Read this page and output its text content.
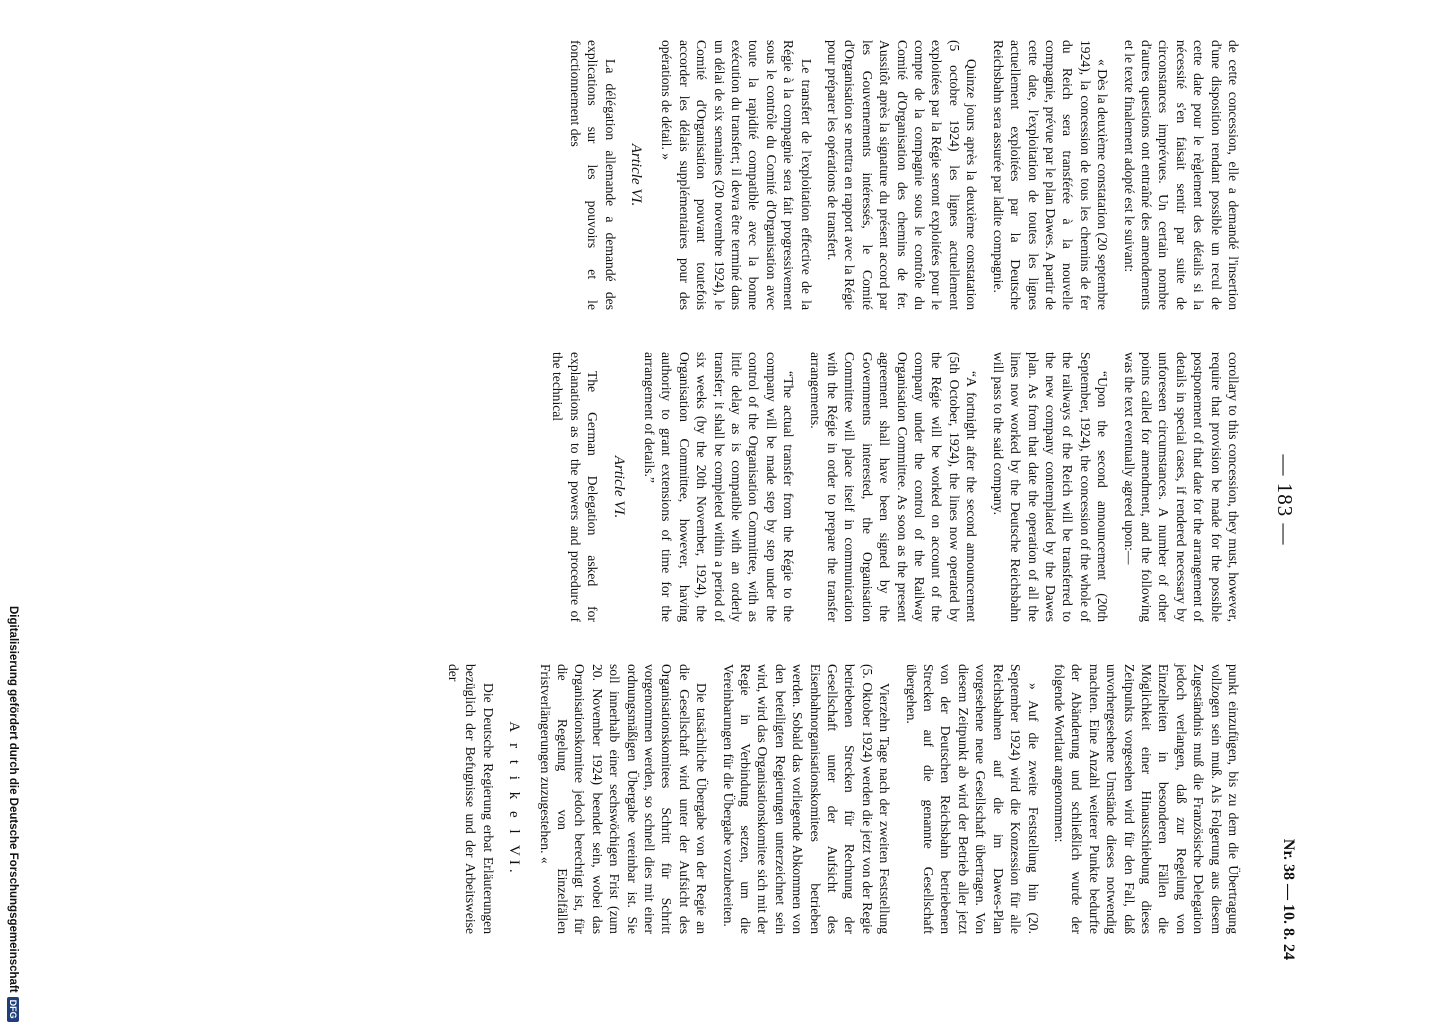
— 183 —
Nr. 38 — 10. 8. 24

de cette concession, elle a demandé l'insertion d'une disposition rendant possible un recul de cette date pour le règlement des détails si la nécessité s'en faisait sentir par suite de circonstances imprévues. Un certain nombre d'autres questions ont entraîné des amendements et le texte finalement adopté est le suivant:

« Dès la deuxième constatation (20 septembre 1924), la concession de tous les chemins de fer du Reich sera transférée à la nouvelle compagnie, prévue par le plan Dawes. A partir de cette date, l'exploitation de toutes les lignes actuellement exploitées par la Deutsche Reichsbahn sera assurée par ladite compagnie.

Quinze jours après la deuxième constatation (5 octobre 1924) les lignes actuellement exploitées par la Régie seront exploitées pour le compte de la compagnie sous le contrôle du Comité d'Organisation des chemins de fer. Aussitôt après la signature du présent accord par les Gouvernements intéressés, le Comité d'Organisation se mettra en rapport avec la Régie pour préparer les opérations de transfert.

Le transfert de l'exploitation effective de la Régie à la compagnie sera fait progressivement sous le contrôle du Comité d'Organisation avec toute la rapidité compatible avec la bonne exécution du transfert; il devra être terminé dans un délai de six semaines (20 novembre 1924), le Comité d'Organisation pouvant toutefois accorder les délais supplémentaires pour des opérations de détail. »

Article VI.

La délégation allemande a demandé des explications sur les pouvoirs et le fonctionnement des

corollary to this concession, they must, however, require that provision be made for the possible postponement of that date for the arrangement of details in special cases, if rendered necessary by unforeseen circumstances. A number of other points called for amendment, and the following was the text eventually agreed upon:—

“Upon the second announcement (20th September, 1924), the concession of the whole of the railways of the Reich will be transferred to the new company contemplated by the Dawes plan. As from that date the operation of all the lines now worked by the Deutsche Reichsbahn will pass to the said company.

“A fortnight after the second announcement (5th October, 1924), the lines now operated by the Régie will be worked on account of the company under the control of the Railway Organisation Committee. As soon as the present agreement shall have been signed by the Governments interested, the Organisation Committee will place itself in communication with the Régie in order to prepare the transfer arrangements.

“The actual transfer from the Régie to the company will be made step by step under the control of the Organisation Committee, with as little delay as is compatible with an orderly transfer; it shall be completed within a period of six weeks (by the 20th November, 1924), the Organisation Committee, however, having authority to grant extensions of time for the arrangement of details.”

Article VI.

The German Delegation asked for explanations as to the powers and procedure of the technical

punkt einzufügen, bis zu dem die Übertragung vollzogen sein muß. Als Folgerung aus diesem Zugeständnis muß die Französische Delegation jedoch verlangen, daß zur Regelung von Einzelheiten in besonderen Fällen die Möglichkeit einer Hinausschiebung dieses Zeitpunkts vorgesehen wird für den Fall, daß unvorhergesehene Umstände dieses notwendig machten. Eine Anzahl weiterer Punkte bedurfte der Abänderung und schließlich wurde der folgende Wortlaut angenommen:

» Auf die zweite Feststellung hin (20. September 1924) wird die Konzession für alle Reichsbahnen auf die im Dawes-Plan vorgesehene neue Gesellschaft übertragen. Von diesem Zeitpunkt ab wird der Betrieb aller jetzt von der Deutschen Reichsbahn betriebenen Strecken auf die genannte Gesellschaft übergehen.

Vierzehn Tage nach der zweiten Feststellung (5. Oktober 1924) werden die jetzt von der Regie betriebenen Strecken für Rechnung der Gesellschaft unter der Aufsicht des Eisenbahnorganisationskomitees betrieben werden. Sobald das vorliegende Abkommen von den beteiligten Regierungen unterzeichnet sein wird, wird das Organisationskomitee sich mit der Regie in Verbindung setzen, um die Vereinbarungen für die Übergabe vorzubereiten.

Die tatsächliche Übergabe von der Regie an die Gesellschaft wird unter der Aufsicht des Organisationskomitees Schritt für Schritt vorgenommen werden, so schnell dies mit einer ordnungsmäßigen Übergabe vereinbar ist. Sie soll innerhalb einer sechswöchigen Frist (zum 20. November 1924) beendet sein, wobei das Organisationskomitee jedoch berechtigt ist, für die Regelung von Einzelfällen Fristverlängerungen zuzugestehen. «

A r t i k e l VI.

Die Deutsche Regierung erbat Erläuterungen bezüglich der Befugnisse und der Arbeitsweise der

Digitalisierung gefördert durch die Deutsche Forschungsgemeinschaft
DFG
